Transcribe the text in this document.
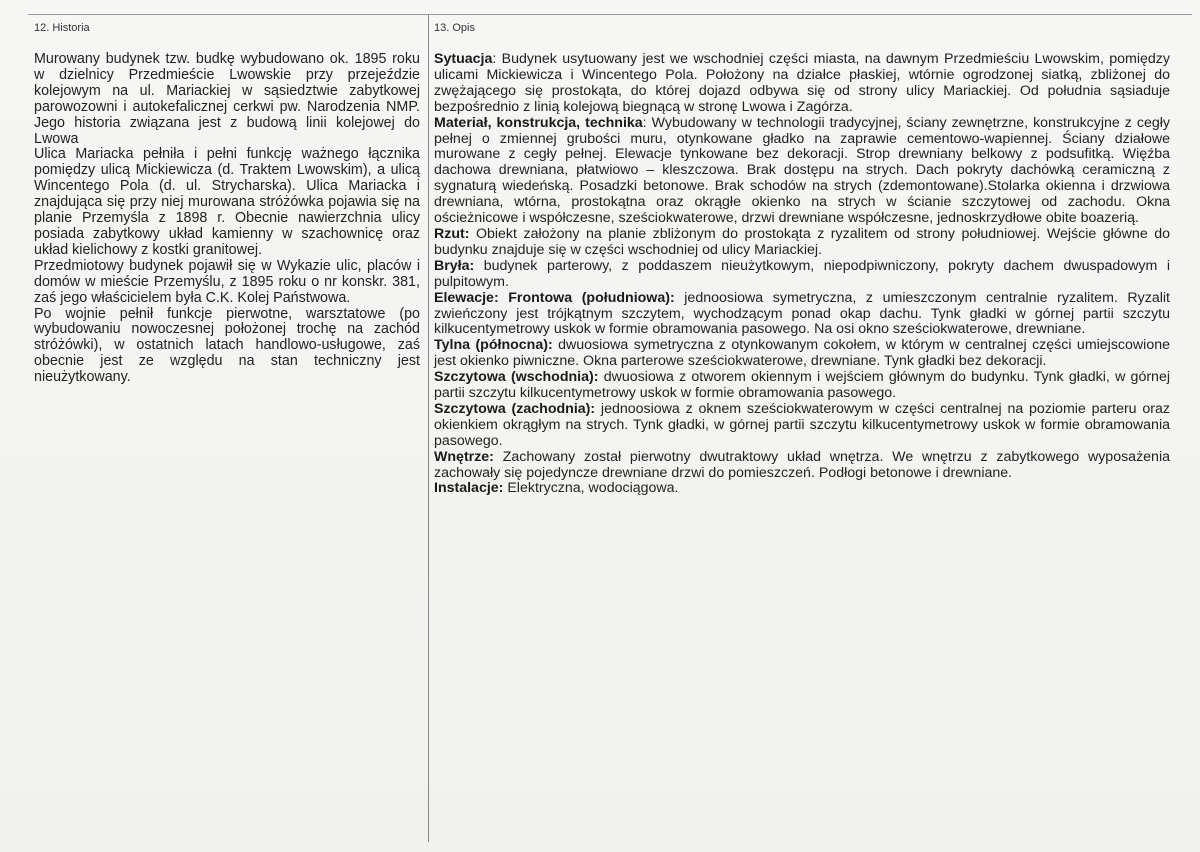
12. Historia	13. Opis

Murowany budynek tzw. budkę wybudowano ok. 1895 roku w dzielnicy Przedmieście Lwowskie przy przejeździe kolejowym na ul. Mariackiej w sąsiedztwie zabytkowej parowozowni i autokefalicznej cerkwi pw. Narodzenia NMP. Jego historia związana jest z budową linii kolejowej do Lwowa

Ulica Mariacka pełniła i pełni funkcję ważnego łącznika pomiędzy ulicą Mickiewicza (d. Traktem Lwowskim), a ulicą Wincentego Pola (d. ul. Strycharska). Ulica Mariacka i znajdująca się przy niej murowana stróżówka pojawia się na planie Przemyśla z 1898 r. Obecnie nawierzchnia ulicy posiada zabytkowy układ kamienny w szachownicę oraz układ kielichowy z kostki granitowej.

Przedmiotowy budynek pojawił się w Wykazie ulic, placów i domów w mieście Przemyślu, z 1895 roku o nr konskr. 381, zaś jego właścicielem była C.K. Kolej Państwowa.

Po wojnie pełnił funkcje pierwotne, warsztatowe (po wybudowaniu nowoczesnej położonej trochę na zachód stróżówki), w ostatnich latach handlowo-usługowe, zaś obecnie jest ze względu na stan techniczny jest nieużytkowany.

Sytuacja: Budynek usytuowany jest we wschodniej części miasta, na dawnym Przedmieściu Lwowskim, pomiędzy ulicami Mickiewicza i Wincentego Pola. Położony na działce płaskiej, wtórnie ogrodzonej siatką, zbliżonej do zwężającego się prostokąta, do której dojazd odbywa się od strony ulicy Mariackiej. Od południa sąsiaduje bezpośrednio z linią kolejową biegnącą w stronę Lwowa i Zagórza.

Materiał, konstrukcja, technika: Wybudowany w technologii tradycyjnej, ściany zewnętrzne, konstrukcyjne z cegły pełnej o zmiennej grubości muru, otynkowane gładko na zaprawie cementowo-wapiennej. Ściany działowe murowane z cegły pełnej. Elewacje tynkowane bez dekoracji. Strop drewniany belkowy z podsufitką. Więźba dachowa drewniana, płatwiowo – kleszczowa. Brak dostępu na strych. Dach pokryty dachówką ceramiczną z sygnaturą wiedeńską. Posadzki betonowe. Brak schodów na strych (zdemontowane).Stolarka okienna i drzwiowa drewniana, wtórna, prostokątna oraz okrągłe okienko na strych w ścianie szczytowej od zachodu. Okna ościeżnicowe i współczesne, sześciokwaterowe, drzwi drewniane współczesne, jednoskrzydłowe obite boazerią.

Rzut: Obiekt założony na planie zbliżonym do prostokąta z ryzalitem od strony południowej. Wejście główne do budynku znajduje się w części wschodniej od ulicy Mariackiej.

Bryła: budynek parterowy, z poddaszem nieużytkowym, niepodpiwniczony, pokryty dachem dwuspadowym i pulpitowym.

Elewacje: Frontowa (południowa): jednoosiowa symetryczna, z umieszczonym centralnie ryzalitem. Ryzalit zwieńczony jest trójkątnym szczytem, wychodzącym ponad okap dachu. Tynk gładki w górnej partii szczytu kilkucentymetrowy uskok w formie obramowania pasowego. Na osi okno sześciokwaterowe, drewniane.

Tylna (północna): dwuosiowa symetryczna z otynkowanym cokołem, w którym w centralnej części umiejscowione jest okienko piwniczne. Okna parterowe sześciokwaterowe, drewniane. Tynk gładki bez dekoracji.

Szczytowa (wschodnia): dwuosiowa z otworem okiennym i wejściem głównym do budynku. Tynk gładki, w górnej partii szczytu kilkucentymetrowy uskok w formie obramowania pasowego.

Szczytowa (zachodnia): jednoosiowa z oknem sześciokwaterowym w części centralnej na poziomie parteru oraz okienkiem okrągłym na strych. Tynk gładki, w górnej partii szczytu kilkucentymetrowy uskok w formie obramowania pasowego.

Wnętrze: Zachowany został pierwotny dwutraktowy układ wnętrza. We wnętrzu z zabytkowego wyposażenia zachowały się pojedyncze drewniane drzwi do pomieszczeń. Podłogi betonowe i drewniane.

Instalacje: Elektryczna, wodociągowa.
